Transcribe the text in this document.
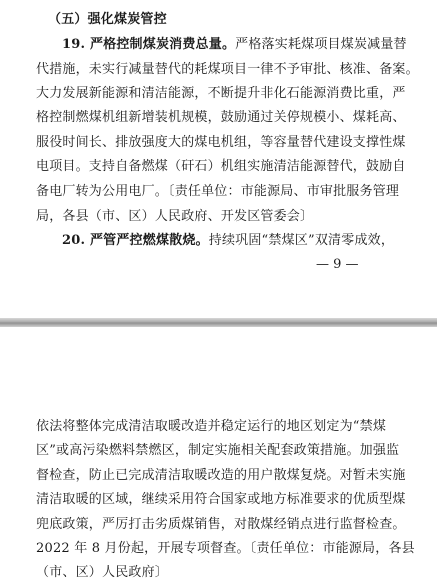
（五）强化煤炭管控
19. 严格控制煤炭消费总量。严格落实耗煤项目煤炭减量替
代措施，未实行减量替代的耗煤项目一律不予审批、核准、备案。
大力发展新能源和清洁能源，不断提升非化石能源消费比重，严
格控制燃煤机组新增装机规模，鼓励通过关停规模小、煤耗高、
服役时间长、排放强度大的煤电机组，等容量替代建设支撑性煤
电项目。支持自备燃煤（矸石）机组实施清洁能源替代，鼓励自
备电厂转为公用电厂。〔责任单位：市能源局、市审批服务管理
局，各县（市、区）人民政府、开发区管委会〕
20. 严管严控燃煤散烧。持续巩固“禁煤区”双清零成效，
— 9 —
依法将整体完成清洁取暖改造并稳定运行的地区划定为“禁煤
区”或高污染燃料禁燃区，制定实施相关配套政策措施。加强监
督检查，防止已完成清洁取暖改造的用户散煤复烧。对暂未实施
清洁取暖的区域，继续采用符合国家或地方标准要求的优质型煤
兜底政策，严厉打击劣质煤销售，对散煤经销点进行监督检查。
2022 年 8 月份起，开展专项督查。〔责任单位：市能源局，各县
（市、区）人民政府〕
